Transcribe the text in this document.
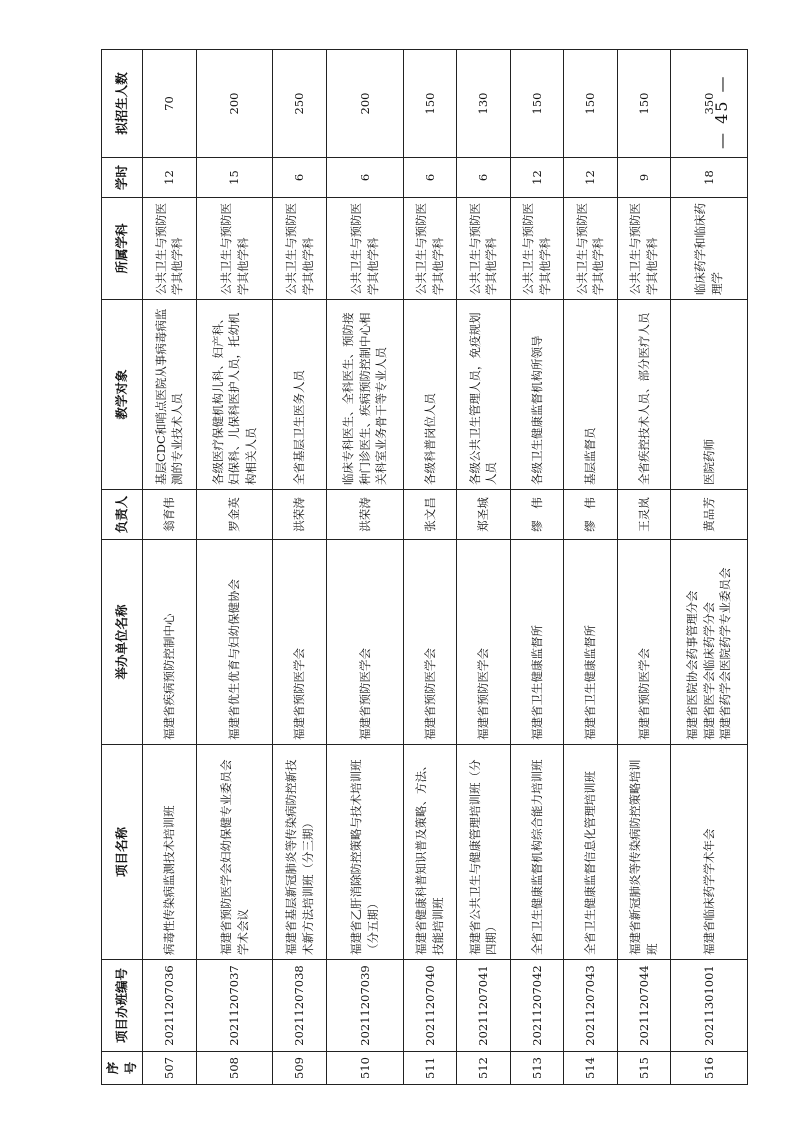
— 45 —
序号	项目办班编号	项目名称	举办单位名称	负责人	教学对象	所属学科	学时	拟招生人数
507	20211207036	病毒性传染病监测技术培训班	福建省疾病预防控制中心	翁育伟	基层CDC和哨点医院从事病毒病监测的专业技术人员	公共卫生与预防医学其他学科	12	70
508	20211207037	福建省预防医学会妇幼保健专业委员会学术会议	福建省优生优育与妇幼保健协会	罗金英	各级医疗保健机构儿科、妇产科、妇保科、儿保科医护人员，托幼机构相关人员	公共卫生与预防医学其他学科	15	200
509	20211207038	福建省基层新冠肺炎等传染病防控新技术新方法培训班（分三期）	福建省预防医学会	洪荣涛	全省基层卫生医务人员	公共卫生与预防医学其他学科	6	250
510	20211207039	福建省乙肝消除防控策略与技术培训班（分五期）	福建省预防医学会	洪荣涛	临床专科医生、全科医生、预防接种门诊医生、疾病预防控制中心相关科室业务骨干等专业人员	公共卫生与预防医学其他学科	6	200
511	20211207040	福建省健康科普知识普及策略、方法、技能培训班	福建省预防医学会	张文昌	各级科普岗位人员	公共卫生与预防医学其他学科	6	150
512	20211207041	福建省公共卫生与健康管理培训班（分四期）	福建省预防医学会	郑圣城	各级公共卫生管理人员，免疫规划人员	公共卫生与预防医学其他学科	6	130
513	20211207042	全省卫生健康监督机构综合能力培训班	福建省卫生健康监督所	缪　伟	各级卫生健康监督机构所领导	公共卫生与预防医学其他学科	12	150
514	20211207043	全省卫生健康监督信息化管理培训班	福建省卫生健康监督所	缪　伟	基层监督员	公共卫生与预防医学其他学科	12	150
515	20211207044	福建省新冠肺炎等传染病防控策略培训班	福建省预防医学会	王灵岚	全省疾控技术人员、部分医疗人员	公共卫生与预防医学其他学科	9	150
516	20211301001	福建省临床药学学术年会	福建省医院协会药事管理分会
福建省医学会临床药学分会
福建省药学会医院药学专业委员会	黄品芳	医院药师	临床药学和临床药理学	18	350
